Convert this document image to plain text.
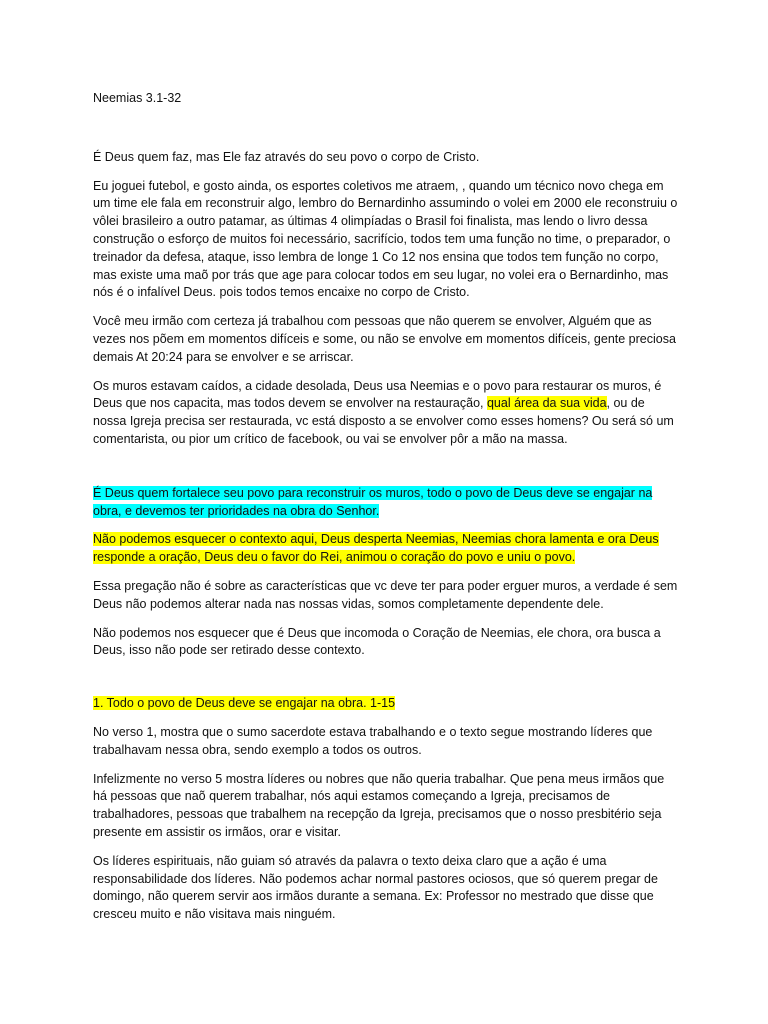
Neemias 3.1-32

É Deus quem faz, mas Ele faz através do seu povo o corpo de Cristo.

Eu joguei futebol, e gosto ainda, os esportes coletivos me atraem, , quando um técnico novo chega em um time ele fala em reconstruir algo, lembro do Bernardinho assumindo o volei em 2000 ele reconstruiu o vôlei brasileiro a outro patamar, as últimas 4 olimpíadas o Brasil foi finalista, mas lendo o livro dessa construção o esforço de muitos foi necessário, sacrifício, todos tem uma função no time, o preparador, o treinador da defesa, ataque, isso lembra de longe 1 Co 12 nos ensina que todos tem função no corpo, mas existe uma maõ por trás que age para colocar todos em seu lugar, no volei era o Bernardinho, mas nós é o infalível Deus. pois todos temos encaixe no corpo de Cristo.

Você meu irmão com certeza já trabalhou com pessoas que não querem se envolver, Alguém que as vezes nos põem em momentos difíceis e some, ou não se envolve em momentos difíceis, gente preciosa demais At 20:24 para se envolver e se arriscar.

Os muros estavam caídos, a cidade desolada, Deus usa Neemias e o povo para restaurar os muros, é Deus que nos capacita, mas todos devem se envolver na restauração, qual área da sua vida, ou de nossa Igreja precisa ser restaurada, vc está disposto a se envolver como esses homens? Ou será só um comentarista, ou pior um crítico de facebook, ou vai se envolver pôr a mão na massa.

É Deus quem fortalece seu povo para reconstruir os muros, todo o povo de Deus deve se engajar na obra, e devemos ter prioridades na obra do Senhor.

Não podemos esquecer o contexto aqui, Deus desperta Neemias, Neemias chora lamenta e ora Deus responde a oração, Deus deu o favor do Rei, animou o coração do povo e uniu o povo.

Essa pregação não é sobre as características que vc deve ter para poder erguer muros, a verdade é sem Deus não podemos alterar nada nas nossas vidas, somos completamente dependente dele.

Não podemos nos esquecer que é Deus que incomoda o Coração de Neemias, ele chora, ora busca a Deus, isso não pode ser retirado desse contexto.

1. Todo o povo de Deus deve se engajar na obra. 1-15

No verso 1, mostra que o sumo sacerdote estava trabalhando e o texto segue mostrando líderes que trabalhavam nessa obra, sendo exemplo a todos os outros.

Infelizmente no verso 5 mostra líderes ou nobres que não queria trabalhar. Que pena meus irmãos que há pessoas que naõ querem trabalhar, nós aqui estamos começando a Igreja, precisamos de trabalhadores, pessoas que trabalhem na recepção da Igreja, precisamos que o nosso presbitério seja presente em assistir os irmãos, orar e visitar.

Os líderes espirituais, não guiam só através da palavra o texto deixa claro que a ação é uma responsabilidade dos líderes. Não podemos achar normal pastores ociosos, que só querem pregar de domingo, não querem servir aos irmãos durante a semana. Ex: Professor no mestrado que disse que cresceu muito e não visitava mais ninguém.
